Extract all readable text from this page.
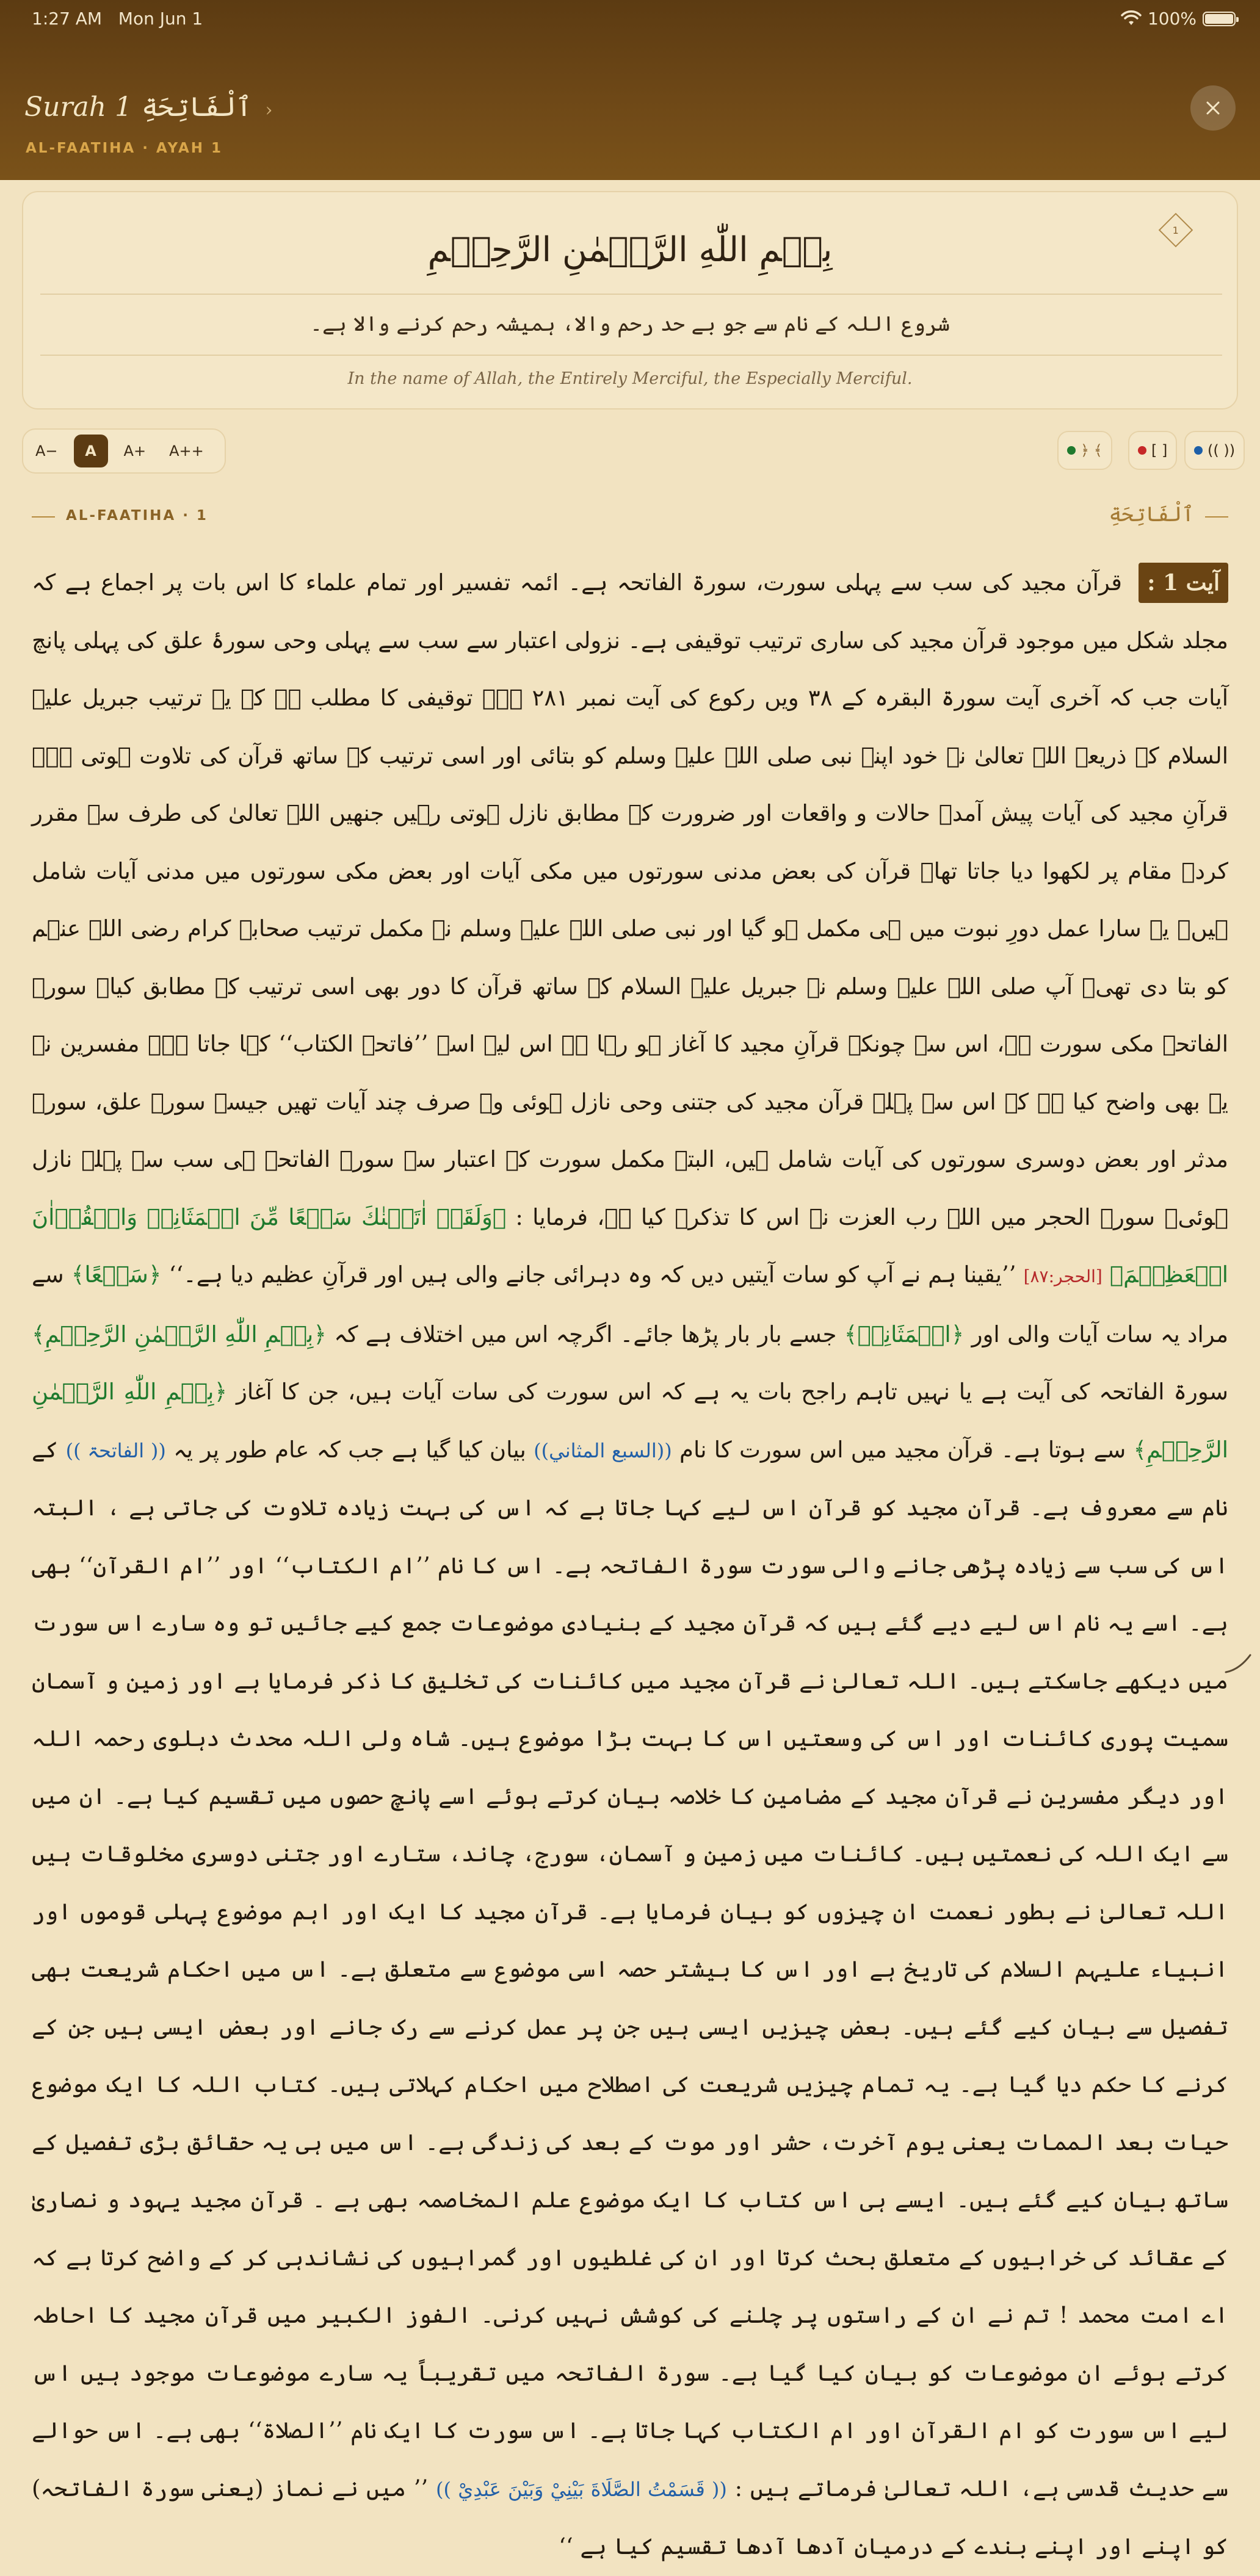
1:27 AM Mon Jun 1	100%
Surah 1 ٱلْفَاتِحَةِ ›
AL-FAATIHA · AYAH 1
بِسۡمِ اللّٰهِ الرَّحۡمٰنِ الرَّحِيۡمِ	1
شروع اللہ کے نام سے جو بے حد رحم والا، ہمیشہ رحم کرنے والا ہے۔
In the name of Allah, the Entirely Merciful, the Especially Merciful.
A−	A	A+	A++	﴿ ﴾	[ ]	(( ))
AL-FAATIHA · 1	ٱلْفَاتِحَةِ
آیت 1 : قرآن مجید کی سب سے پہلی سورت، سورۃ الفاتحہ ہے۔ ائمہ تفسیر اور تمام علماء کا اس بات پر اجماع ہے کہ مجلد شکل میں موجود قرآن مجید کی ساری ترتیب توقیفی ہے۔ نزولی اعتبار سے سب سے پہلی وحی سورۂ علق کی پہلی پانچ آیات جب کہ آخری آیت سورۃ البقرہ کے ۳۸ ویں رکوع کی آیت نمبر ۲۸۱ ہے۔ توقیفی کا مطلب ہے کہ یہ ترتیب جبریل علیہ السلام کے ذریعے اللہ تعالیٰ نے خود اپنے نبی صلی اللہ علیہ وسلم کو بتائی اور اسی ترتیب کے ساتھ قرآن کی تلاوت ہوتی ہے۔ قرآنِ مجید کی آیات پیش آمدہ حالات و واقعات اور ضرورت کے مطابق نازل ہوتی رہیں جنھیں اللہ تعالیٰ کی طرف سے مقرر کردہ مقام پر لکھوا دیا جاتا تھا۔ قرآن کی بعض مدنی سورتوں میں مکی آیات اور بعض مکی سورتوں میں مدنی آیات شامل ہیں۔ یہ سارا عمل دورِ نبوت میں ہی مکمل ہو گیا اور نبی صلی اللہ علیہ وسلم نے مکمل ترتیب صحابہ کرام رضی اللہ عنہم کو بتا دی تھی۔ آپ صلی اللہ علیہ وسلم نے جبریل علیہ السلام کے ساتھ قرآن کا دور بھی اسی ترتیب کے مطابق کیا۔ سورۃ الفاتحہ مکی سورت ہے، اس سے چونکہ قرآنِ مجید کا آغاز ہو رہا ہے اس لیے اسے ’’فاتحۃ الکتاب‘‘ کہا جاتا ہے۔ مفسرین نے یہ بھی واضح کیا ہے کہ اس سے پہلے قرآن مجید کی جتنی وحی نازل ہوئی وہ صرف چند آیات تھیں جیسے سورۂ علق، سورۂ مدثر اور بعض دوسری سورتوں کی آیات شامل ہیں، البتہ مکمل سورت کے اعتبار سے سورۃ الفاتحہ ہی سب سے پہلے نازل ہوئی۔ سورۃ الحجر میں اللہ رب العزت نے اس کا تذکرہ کیا ہے، فرمایا : ﴿وَلَقَدۡ اٰتَيۡنٰكَ سَبۡعًا مِّنَ الۡمَثَانِىۡ وَالۡقُرۡاٰنَ الۡعَظِيۡمَ﴾ [الحجر:٨٧] ’’یقینا ہم نے آپ کو سات آیتیں دیں کہ وہ دہرائی جانے والی ہیں اور قرآنِ عظیم دیا ہے۔‘‘ ﴿سَبۡعًا﴾ سے مراد یہ سات آیات والی اور ﴿الۡمَثَانِىۡ﴾ جسے بار بار پڑھا جائے۔ اگرچہ اس میں اختلاف ہے کہ ﴿بِسۡمِ اللّٰهِ الرَّحۡمٰنِ الرَّحِيۡمِ﴾ سورۃ الفاتحہ کی آیت ہے یا نہیں تاہم راجح بات یہ ہے کہ اس سورت کی سات آیات ہیں، جن کا آغاز ﴿بِسۡمِ اللّٰهِ الرَّحۡمٰنِ الرَّحِيۡمِ﴾ سے ہوتا ہے۔ قرآن مجید میں اس سورت کا نام ((السبع المثاني)) بیان کیا گیا ہے جب کہ عام طور پر یہ (( الفاتحۃ )) کے نام سے معروف ہے۔ قرآن مجید کو قرآن اس لیے کہا جاتا ہے کہ اس کی بہت زیادہ تلاوت کی جاتی ہے ، البتہ اس کی سب سے زیادہ پڑھی جانے والی سورت سورۃ الفاتحہ ہے۔ اس کا نام ’’ام الکتاب‘‘ اور ’’ام القرآن‘‘ بھی ہے۔ اسے یہ نام اس لیے دیے گئے ہیں کہ قرآن مجید کے بنیادی موضوعات جمع کیے جائیں تو وہ سارے اس سورت میں دیکھے جاسکتے ہیں۔ اللہ تعالیٰ نے قرآن مجید میں کائنات کی تخلیق کا ذکر فرمایا ہے اور زمین و آسمان سمیت پوری کائنات اور اس کی وسعتیں اس کا بہت بڑا موضوع ہیں۔ شاہ ولی اللہ محدث دہلوی رحمہ اللہ اور دیگر مفسرین نے قرآن مجید کے مضامین کا خلاصہ بیان کرتے ہوئے اسے پانچ حصوں میں تقسیم کیا ہے۔ ان میں سے ایک اللہ کی نعمتیں ہیں۔ کائنات میں زمین و آسمان، سورج، چاند، ستارے اور جتنی دوسری مخلوقات ہیں اللہ تعالیٰ نے بطور نعمت ان چیزوں کو بیان فرمایا ہے۔ قرآن مجید کا ایک اور اہم موضوع پہلی قوموں اور انبیاء علیہم السلام کی تاریخ ہے اور اس کا بیشتر حصہ اسی موضوع سے متعلق ہے۔ اس میں احکام شریعت بھی تفصیل سے بیان کیے گئے ہیں۔ بعض چیزیں ایسی ہیں جن پر عمل کرنے سے رک جانے اور بعض ایسی ہیں جن کے کرنے کا حکم دیا گیا ہے۔ یہ تمام چیزیں شریعت کی اصطلاح میں احکام کہلاتی ہیں۔ کتاب اللہ کا ایک موضوع حیات بعد الممات یعنی یوم آخرت، حشر اور موت کے بعد کی زندگی ہے۔ اس میں ہی یہ حقائق بڑی تفصیل کے ساتھ بیان کیے گئے ہیں۔ ایسے ہی اس کتاب کا ایک موضوع علم المخاصمہ بھی ہے ۔ قرآن مجید یہود و نصاریٰ کے عقائد کی خرابیوں کے متعلق بحث کرتا اور ان کی غلطیوں اور گمراہیوں کی نشاندہی کر کے واضح کرتا ہے کہ اے امت محمد ! تم نے ان کے راستوں پر چلنے کی کوشش نہیں کرنی۔ الفوز الکبیر میں قرآن مجید کا احاطہ کرتے ہوئے ان موضوعات کو بیان کیا گیا ہے۔ سورۃ الفاتحہ میں تقریباً یہ سارے موضوعات موجود ہیں اس لیے اس سورت کو ام القرآن اور ام الکتاب کہا جاتا ہے۔ اس سورت کا ایک نام ’’الصلاۃ‘‘ بھی ہے۔ اس حوالے سے حدیث قدسی ہے، اللہ تعالیٰ فرماتے ہیں : (( قَسَمْتُ الصَّلَاةَ بَيْنِيْ وَبَيْنَ عَبْدِيْ )) ’’ میں نے نماز (یعنی سورۃ الفاتحہ) کو اپنے اور اپنے بندے کے درمیان آدھا آدھا تقسیم کیا ہے ‘‘
